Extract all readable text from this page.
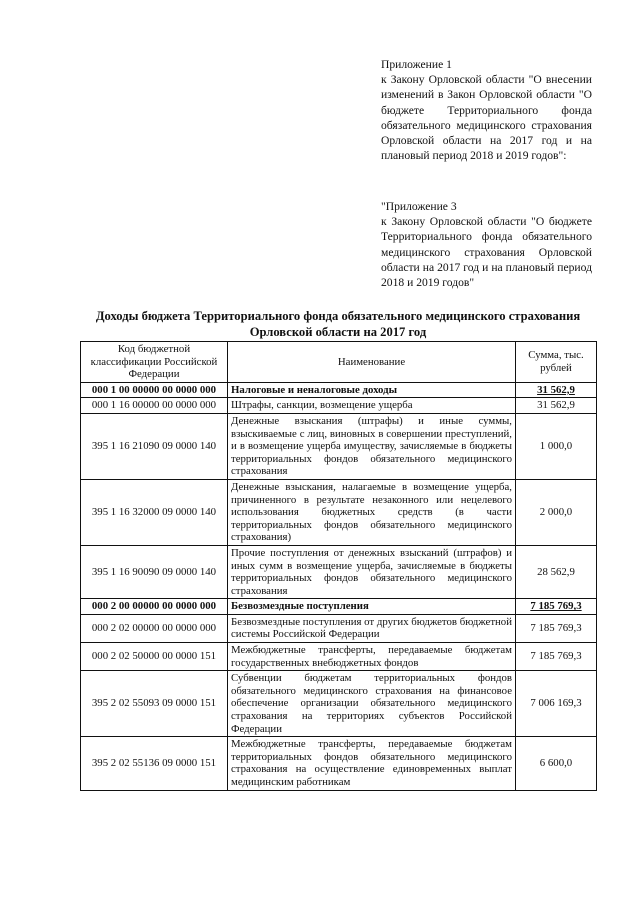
Приложение 1

к Закону Орловской области "О внесении изменений в Закон Орловской области "О бюджете Территориального фонда обязательного медицинского страхования Орловской области на 2017 год и на плановый период 2018 и 2019 годов":

"Приложение 3

к Закону Орловской области "О бюджете Территориального фонда обязательного медицинского страхования Орловской области на 2017 год и на плановый период 2018 и 2019 годов"

Доходы бюджета Территориального фонда обязательного медицинского страхования Орловской области на 2017 год
Код бюджетной классификации Российской Федерации	Наименование	Сумма, тыс. рублей
000 1 00 00000 00 0000 000	Налоговые и неналоговые доходы	31 562,9
000 1 16 00000 00 0000 000	Штрафы, санкции, возмещение ущерба	31 562,9
395 1 16 21090 09 0000 140	Денежные взыскания (штрафы) и иные суммы, взыскиваемые с лиц, виновных в совершении преступлений, и в возмещение ущерба имуществу, зачисляемые в бюджеты территориальных фондов обязательного медицинского страхования	1 000,0
395 1 16 32000 09 0000 140	Денежные взыскания, налагаемые в возмещение ущерба, причиненного в результате незаконного или нецелевого использования бюджетных средств (в части территориальных фондов обязательного медицинского страхования)	2 000,0
395 1 16 90090 09 0000 140	Прочие поступления от денежных взысканий (штрафов) и иных сумм в возмещение ущерба, зачисляемые в бюджеты территориальных фондов обязательного медицинского страхования	28 562,9
000 2 00 00000 00 0000 000	Безвозмездные поступления	7 185 769,3
000 2 02 00000 00 0000 000	Безвозмездные поступления от других бюджетов бюджетной системы Российской Федерации	7 185 769,3
000 2 02 50000 00 0000 151	Межбюджетные трансферты, передаваемые бюджетам государственных внебюджетных фондов	7 185 769,3
395 2 02 55093 09 0000 151	Субвенции бюджетам территориальных фондов обязательного медицинского страхования на финансовое обеспечение организации обязательного медицинского страхования на территориях субъектов Российской Федерации	7 006 169,3
395 2 02 55136 09 0000 151	Межбюджетные трансферты, передаваемые бюджетам территориальных фондов обязательного медицинского страхования на осуществление единовременных выплат медицинским работникам	6 600,0
